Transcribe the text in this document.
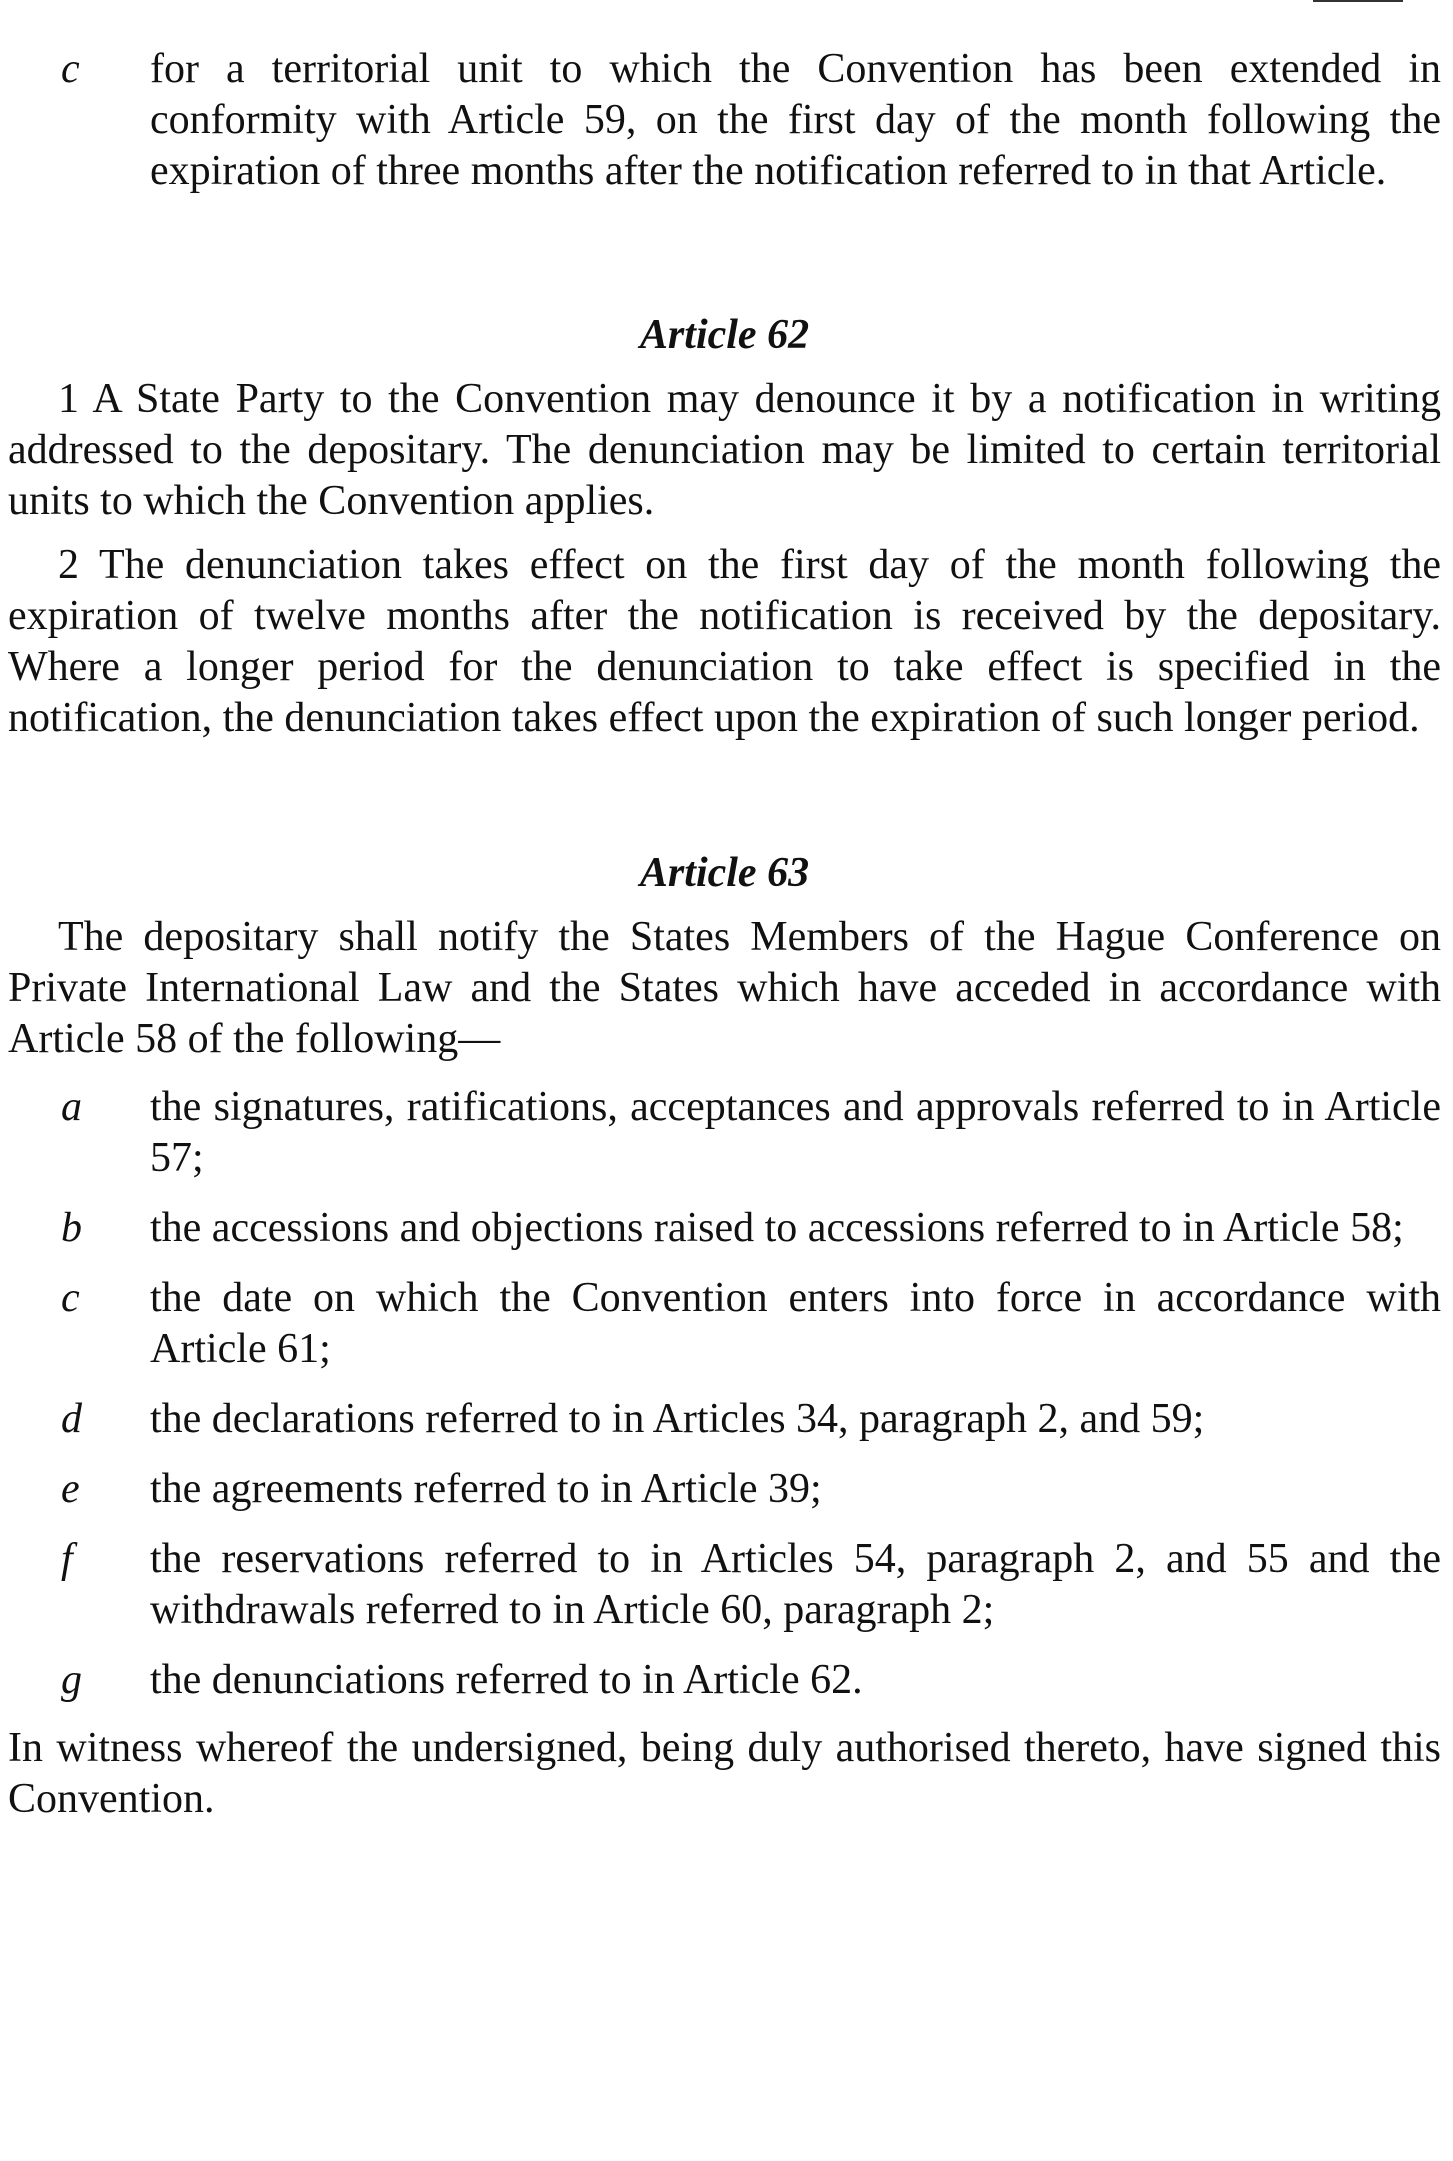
c	for a territorial unit to which the Convention has been extended in conformity with Article 59, on the first day of the month following the expiration of three months after the notification referred to in that Article.

Article 62

1 A State Party to the Convention may denounce it by a notification in writing addressed to the depositary. The denunciation may be limited to certain territorial units to which the Convention applies.

2 The denunciation takes effect on the first day of the month following the expiration of twelve months after the notification is received by the depositary. Where a longer period for the denunciation to take effect is specified in the notification, the denunciation takes effect upon the expiration of such longer period.

Article 63

The depositary shall notify the States Members of the Hague Conference on Private International Law and the States which have acceded in accordance with Article 58 of the following—

a	the signatures, ratifications, acceptances and approvals referred to in Article 57;
b	the accessions and objections raised to accessions referred to in Article 58;
c	the date on which the Convention enters into force in accordance with Article 61;
d	the declarations referred to in Articles 34, paragraph 2, and 59;
e	the agreements referred to in Article 39;
f	the reservations referred to in Articles 54, paragraph 2, and 55 and the withdrawals referred to in Article 60, paragraph 2;
g	the denunciations referred to in Article 62.

In witness whereof the undersigned, being duly authorised thereto, have signed this Convention.
